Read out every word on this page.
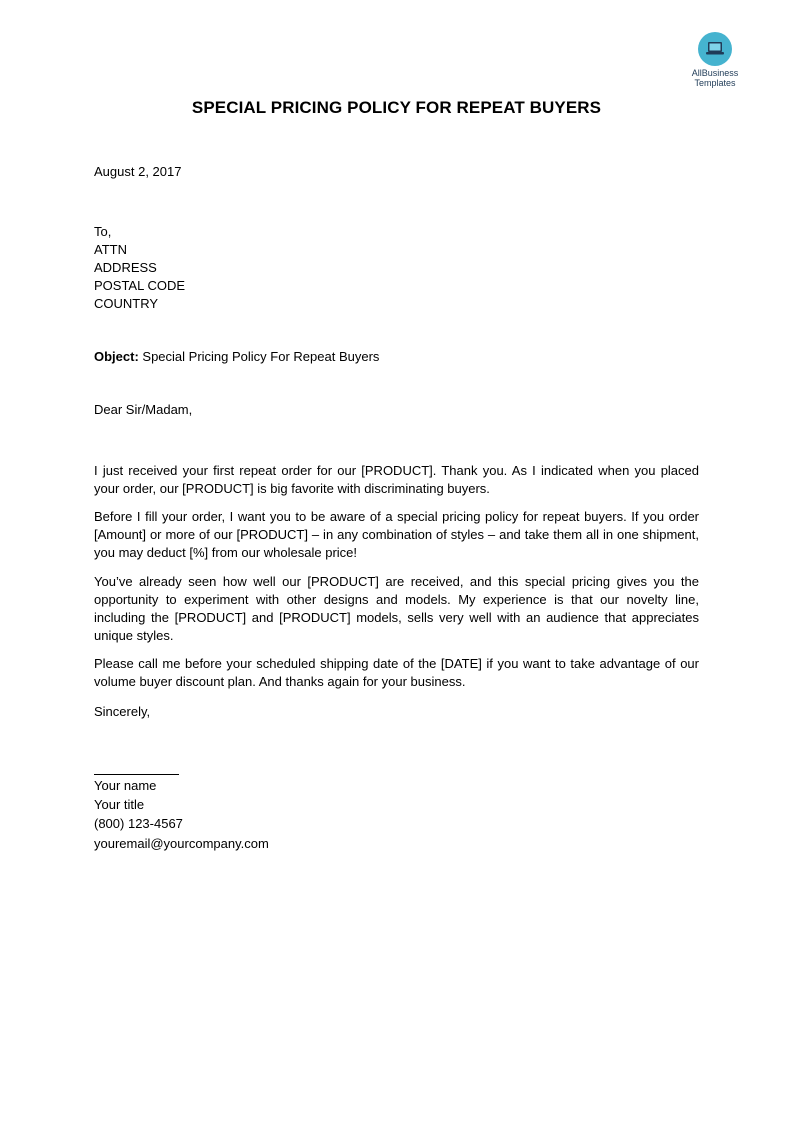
AllBusiness
Templates
SPECIAL PRICING POLICY FOR REPEAT BUYERS
August 2, 2017
To,
ATTN
ADDRESS
POSTAL CODE
COUNTRY
Object: Special Pricing Policy For Repeat Buyers
Dear Sir/Madam,
I just received your first repeat order for our [PRODUCT]. Thank you. As I indicated when you placed your order, our [PRODUCT] is big favorite with discriminating buyers.
Before I fill your order, I want you to be aware of a special pricing policy for repeat buyers. If you order [Amount] or more of our [PRODUCT] – in any combination of styles – and take them all in one shipment, you may deduct [%] from our wholesale price!
You’ve already seen how well our [PRODUCT] are received, and this special pricing gives you the opportunity to experiment with other designs and models. My experience is that our novelty line, including the [PRODUCT] and [PRODUCT] models, sells very well with an audience that appreciates unique styles.
Please call me before your scheduled shipping date of the [DATE] if you want to take advantage of our volume buyer discount plan. And thanks again for your business.
Sincerely,
Your name
Your title
(800) 123-4567
youremail@yourcompany.com
